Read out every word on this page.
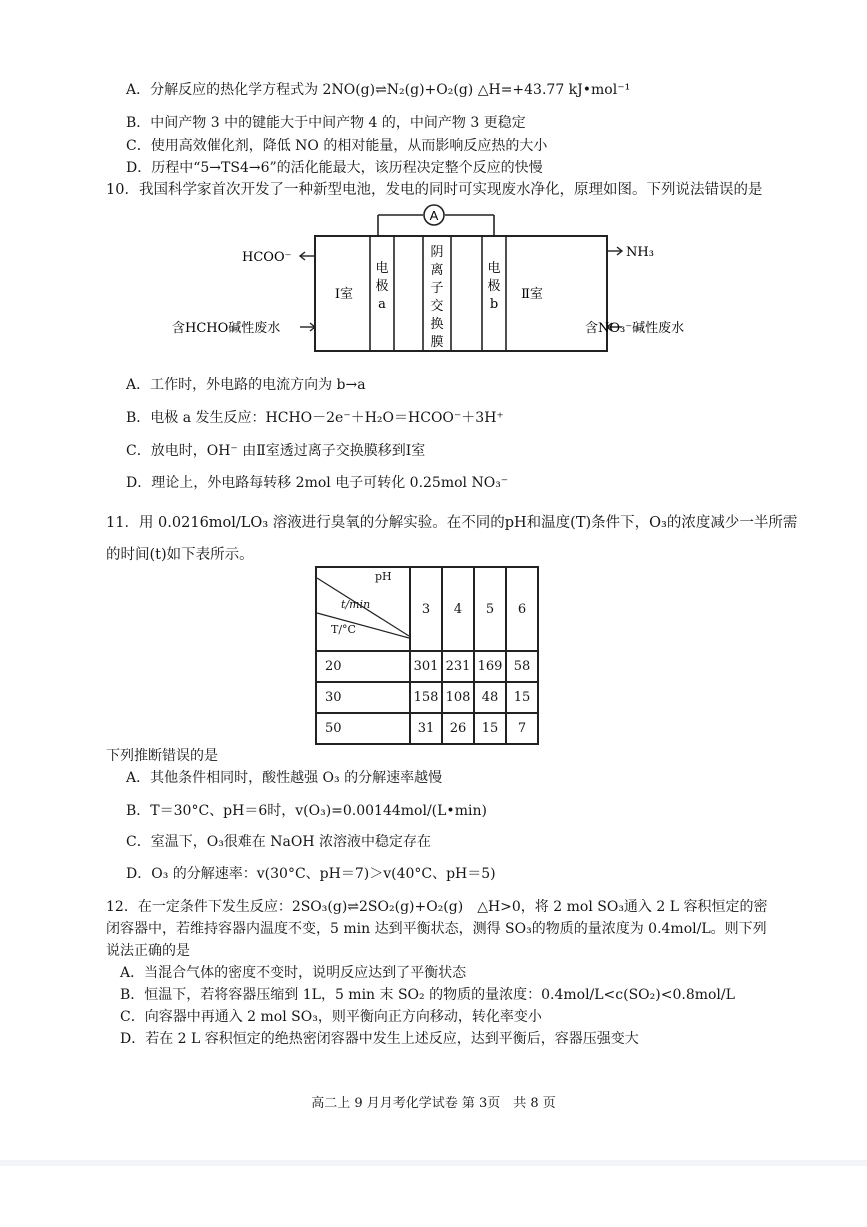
A．分解反应的热化学方程式为 2NO(g)⇌N₂(g)+O₂(g) △H=+43.77 kJ•mol⁻¹
B．中间产物 3 中的键能大于中间产物 4 的，中间产物 3 更稳定
C．使用高效催化剂，降低 NO 的相对能量，从而影响反应热的大小
D．历程中“5→TS4→6”的活化能最大，该历程决定整个反应的快慢
10．我国科学家首次开发了一种新型电池，发电的同时可实现废水净化，原理如图。下列说法错误的是
A
电
极
a
阴
离
子
交
换
膜
电
极
b
Ⅰ室	Ⅱ室
HCOO⁻
含HCHO碱性废水
NH₃
含NO₃⁻碱性废水
A．工作时，外电路的电流方向为 b→a
B．电极 a 发生反应：HCHO－2e⁻＋H₂O＝HCOO⁻＋3H⁺
C．放电时，OH⁻ 由Ⅱ室透过离子交换膜移到Ⅰ室
D．理论上，外电路每转移 2mol 电子可转化 0.25mol NO₃⁻
11．用 0.0216mol/LO₃ 溶液进行臭氧的分解实验。在不同的pH和温度(T)条件下，O₃的浓度减少一半所需
的时间(t)如下表所示。
pH
t/min
T/°C	3	4	5	6
20	301	231	169	58
30	158	108	48	15
50	31	26	15	7
下列推断错误的是
A．其他条件相同时，酸性越强 O₃ 的分解速率越慢
B．T＝30°C、pH＝6时，v(O₃)=0.00144mol/(L•min)
C．室温下，O₃很难在 NaOH 浓溶液中稳定存在
D．O₃ 的分解速率：v(30°C、pH＝7)＞v(40°C、pH＝5)
12．在一定条件下发生反应：2SO₃(g)⇌2SO₂(g)+O₂(g)　△H>0，将 2 mol SO₃通入 2 L 容积恒定的密
闭容器中，若维持容器内温度不变，5 min 达到平衡状态，测得 SO₃的物质的量浓度为 0.4mol/L。则下列
说法正确的是
A．当混合气体的密度不变时，说明反应达到了平衡状态
B．恒温下，若将容器压缩到 1L，5 min 末 SO₂ 的物质的量浓度：0.4mol/L<c(SO₂)<0.8mol/L
C．向容器中再通入 2 mol SO₃，则平衡向正方向移动，转化率变小
D．若在 2 L 容积恒定的绝热密闭容器中发生上述反应，达到平衡后，容器压强变大
高二上 9 月月考化学试卷 第 3页　共 8 页
